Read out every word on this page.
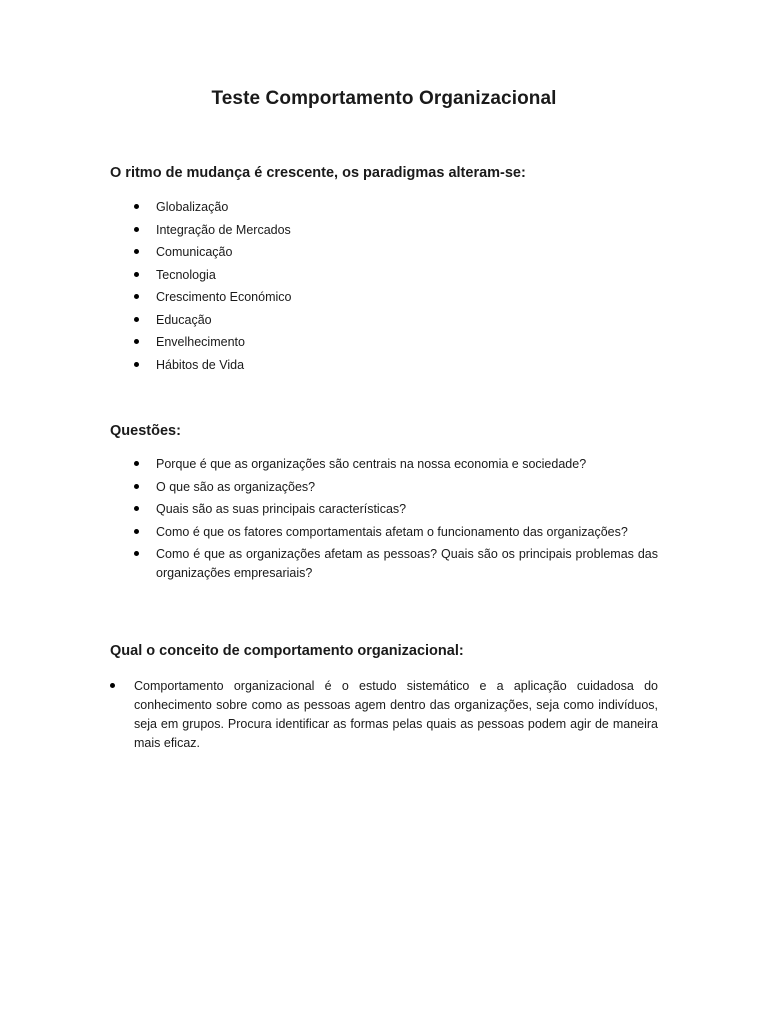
Teste Comportamento Organizacional
O ritmo de mudança é crescente, os paradigmas alteram-se:
Globalização
Integração de Mercados
Comunicação
Tecnologia
Crescimento Económico
Educação
Envelhecimento
Hábitos de Vida
Questões:
Porque é que as organizações são centrais na nossa economia e sociedade?
O que são as organizações?
Quais são as suas principais características?
Como é que os fatores comportamentais afetam o funcionamento das organizações?
Como é que as organizações afetam as pessoas? Quais são os principais problemas das organizações empresariais?
Qual o conceito de comportamento organizacional:
Comportamento organizacional é o estudo sistemático e a aplicação cuidadosa do conhecimento sobre como as pessoas agem dentro das organizações, seja como indivíduos, seja em grupos. Procura identificar as formas pelas quais as pessoas podem agir de maneira mais eficaz.
